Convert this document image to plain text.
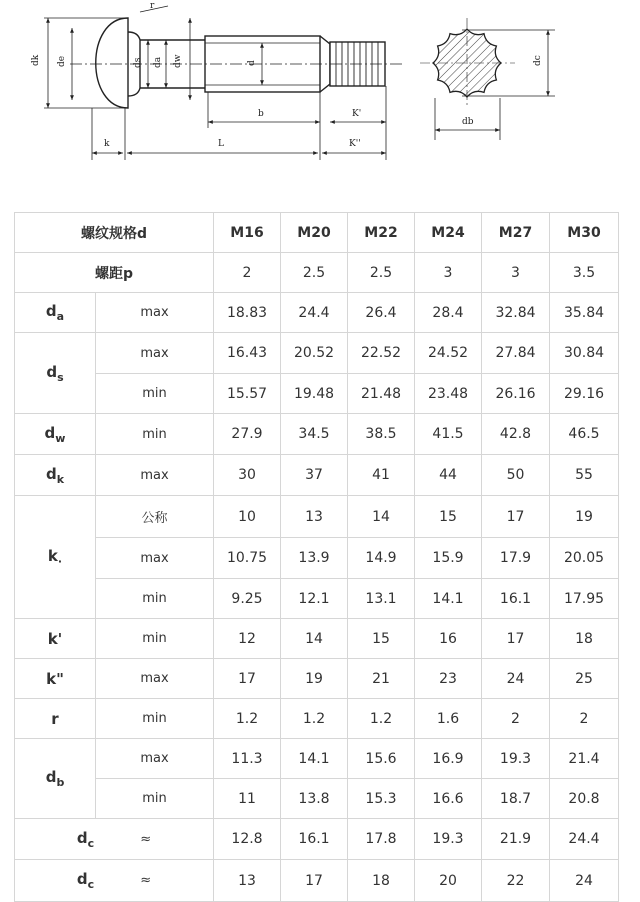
dk de	ds da dw	d
r
b	K'
k	L	K''
dc
db
螺纹规格d		M16	M20	M22	M24	M27	M30
螺距p		2	2.5	2.5	3	3	3.5
$d_a$	max	18.83	24.4	26.4	28.4	32.84	35.84
$d_s$	max	16.43	20.52	22.52	24.52	27.84	30.84
	min	15.57	19.48	21.48	23.48	26.16	29.16
$d_w$	min	27.9	34.5	38.5	41.5	42.8	46.5
$d_k$	max	30	37	41	44	50	55
$k_\cdot$	公称	10	13	14	15	17	19
	max	10.75	13.9	14.9	15.9	17.9	20.05
	min	9.25	12.1	13.1	14.1	16.1	17.95
k'	min	12	14	15	16	17	18
k"	max	17	19	21	23	24	25
r	min	1.2	1.2	1.2	1.6	2	2
$d_b$	max	11.3	14.1	15.6	16.9	19.3	21.4
	min	11	13.8	15.3	16.6	18.7	20.8
$d_c$ ≈		12.8	16.1	17.8	19.3	21.9	24.4
$d_c$ ≈		13	17	18	20	22	24
